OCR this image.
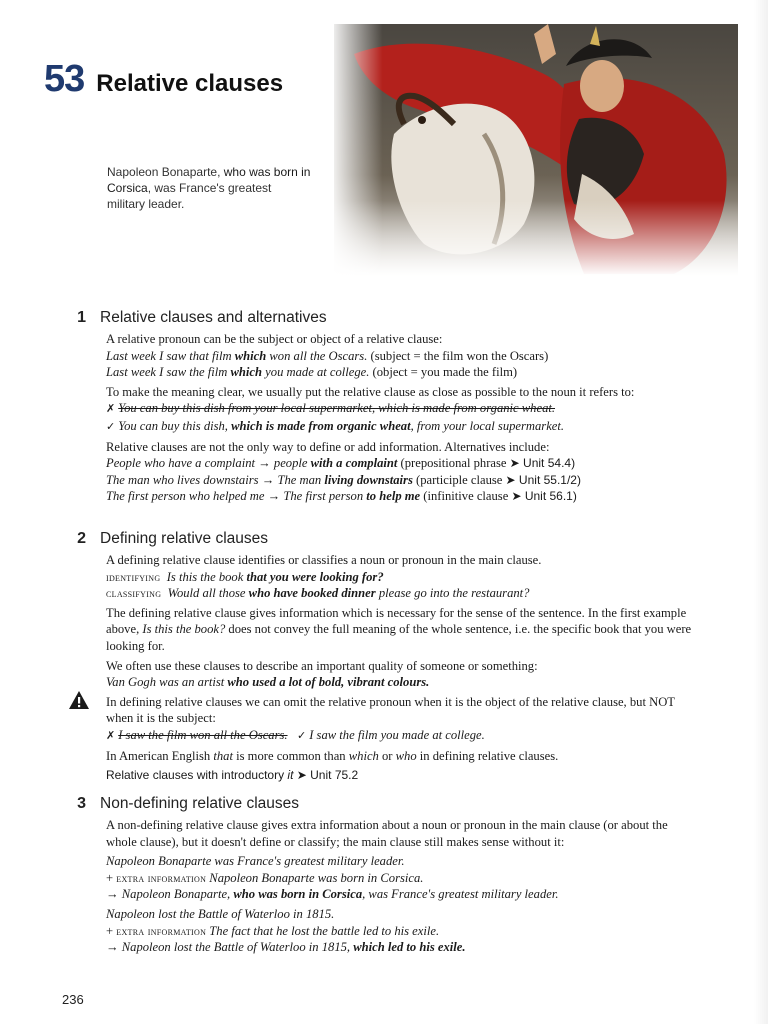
53 Relative clauses
Napoleon Bonaparte, who was born in Corsica, was France's greatest military leader.
1 Relative clauses and alternatives

A relative pronoun can be the subject or object of a relative clause:

Last week I saw that film which won all the Oscars. (subject = the film won the Oscars)

Last week I saw the film which you made at college. (object = you made the film)

To make the meaning clear, we usually put the relative clause as close as possible to the noun it refers to:

✗ You can buy this dish from your local supermarket, which is made from organic wheat.

✓ You can buy this dish, which is made from organic wheat, from your local supermarket.

Relative clauses are not the only way to define or add information. Alternatives include:

People who have a complaint → people with a complaint (prepositional phrase ➤ Unit 54.4)

The man who lives downstairs → The man living downstairs (participle clause ➤ Unit 55.1/2)

The first person who helped me → The first person to help me (infinitive clause ➤ Unit 56.1)

2 Defining relative clauses

A defining relative clause identifies or classifies a noun or pronoun in the main clause.

identifying Is this the book that you were looking for?

classifying Would all those who have booked dinner please go into the restaurant?

The defining relative clause gives information which is necessary for the sense of the sentence. In the first example above, Is this the book? does not convey the full meaning of the whole sentence, i.e. the specific book that you were looking for.

We often use these clauses to describe an important quality of someone or something:

Van Gogh was an artist who used a lot of bold, vibrant colours.

In defining relative clauses we can omit the relative pronoun when it is the object of the relative clause, but NOT when it is the subject:

✗ I saw the film won all the Oscars. ✓ I saw the film you made at college.

In American English that is more common than which or who in defining relative clauses.

Relative clauses with introductory it ➤ Unit 75.2

3 Non-defining relative clauses

A non-defining relative clause gives extra information about a noun or pronoun in the main clause (or about the whole clause), but it doesn't define or classify; the main clause still makes sense without it:

Napoleon Bonaparte was France's greatest military leader.

+ extra information Napoleon Bonaparte was born in Corsica.

→ Napoleon Bonaparte, who was born in Corsica, was France's greatest military leader.

Napoleon lost the Battle of Waterloo in 1815.

+ extra information The fact that he lost the battle led to his exile.

→ Napoleon lost the Battle of Waterloo in 1815, which led to his exile.

236
